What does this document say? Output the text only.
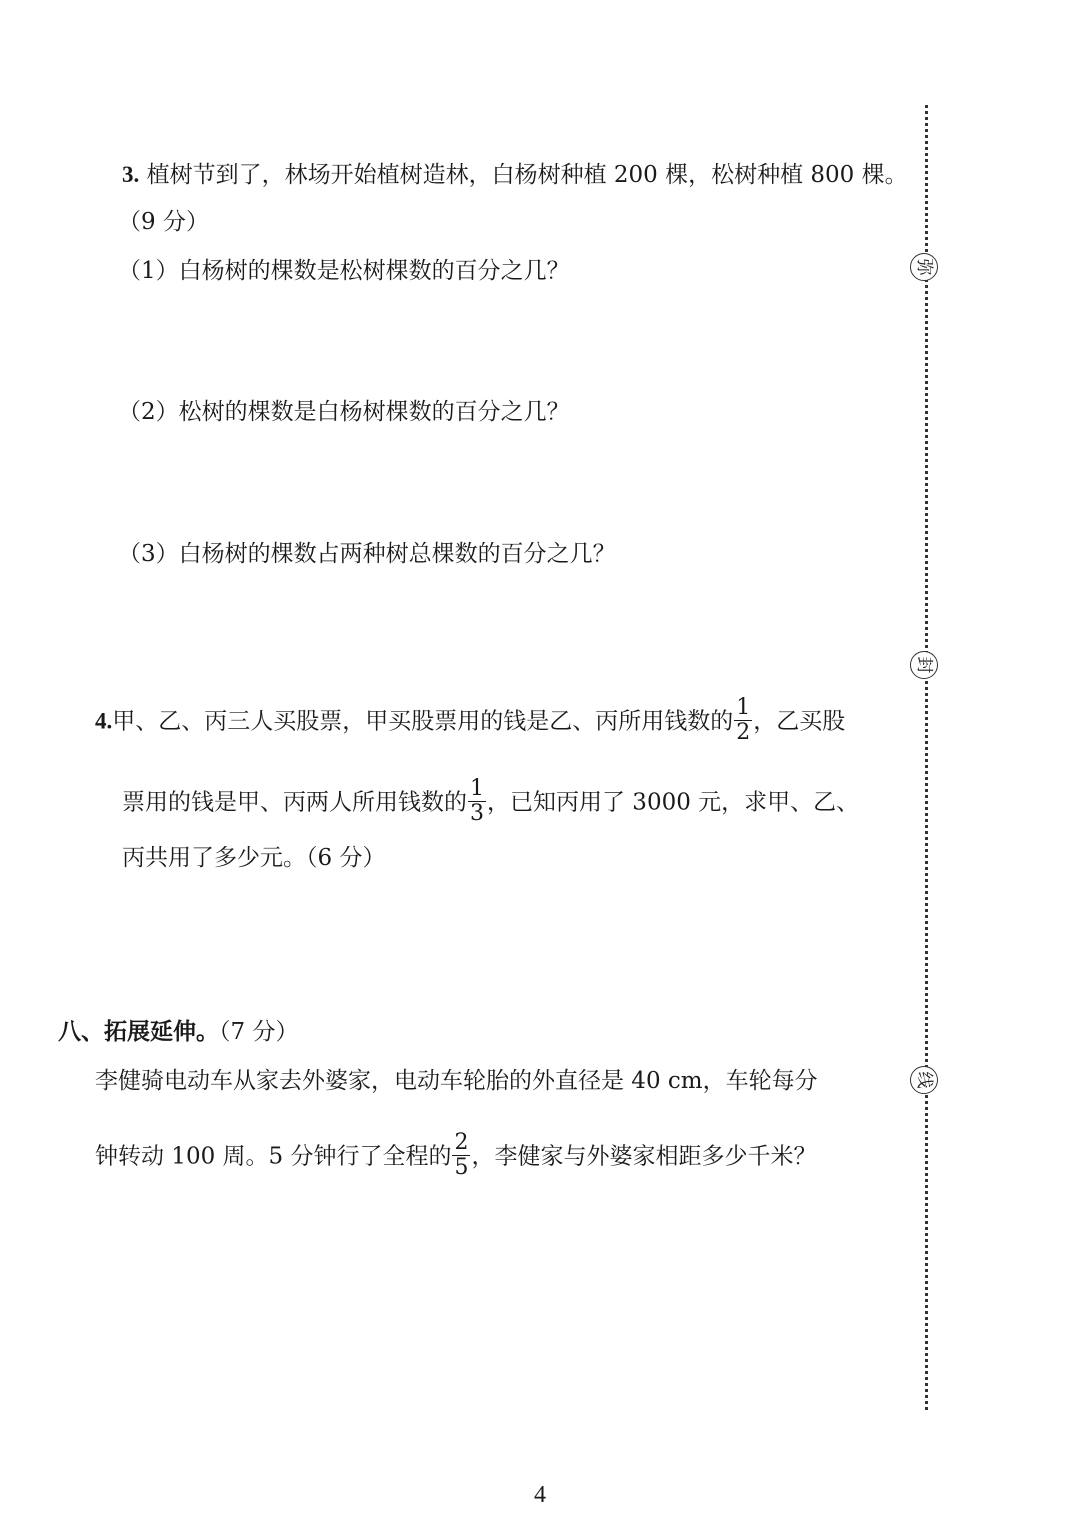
3. 植树节到了，林场开始植树造林，白杨树种植 200 棵，松树种植 800 棵。
（9 分）
（1）白杨树的棵数是松树棵数的百分之几？
（2）松树的棵数是白杨树棵数的百分之几？
（3）白杨树的棵数占两种树总棵数的百分之几？
4.甲、乙、丙三人买股票，甲买股票用的钱是乙、丙所用钱数的 $\frac{1}{2}$ ，乙买股
票用的钱是甲、丙两人所用钱数的 $\frac{1}{3}$ ，已知丙用了 3000 元，求甲、乙、
丙共用了多少元。（6 分）
八、拓展延伸。（7 分）
李健骑电动车从家去外婆家，电动车轮胎的外直径是 40 cm，车轮每分
钟转动 100 周。5 分钟行了全程的 $\frac{2}{5}$ ，李健家与外婆家相距多少千米？
弥
封
线
4
